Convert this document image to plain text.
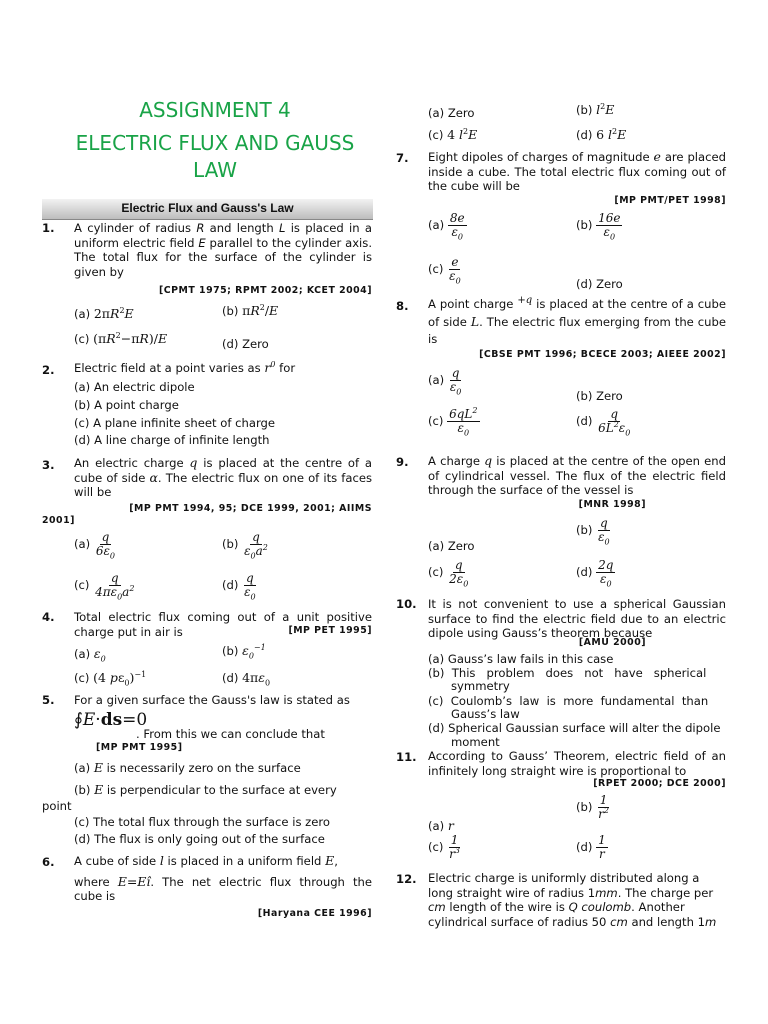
ASSIGNMENT 4
ELECTRIC FLUX AND GAUSS
LAW
Electric Flux and Gauss's Law
1. A cylinder of radius R and length L is placed in a uniform electric field E parallel to the cylinder axis. The total flux for the surface of the cylinder is given by
[CPMT 1975; RPMT 2002; KCET 2004]
(a) $2\pi R^2E$	(b) $\pi R^2/E$
(c) $(\pi R^2-\pi R)/E$	(d) Zero
2. Electric field at a point varies as $r^0$ for
(a) An electric dipole
(b) A point charge
(c) A plane infinite sheet of charge
(d) A line charge of infinite length
3. An electric charge q is placed at the centre of a cube of side α. The electric flux on one of its faces will be
[MP PMT 1994, 95; DCE 1999, 2001; AIIMS
2001]
$(a) \frac{q}{6\varepsilon_0}$	$(b) \frac{q}{\varepsilon_0a^2}$
$(c) \frac{q}{4\pi\varepsilon_0a^2}$	$(d) \frac{q}{\varepsilon_0}$
4. Total electric flux coming out of a unit positive charge put in air is	[MP PET 1995]
(a) $\varepsilon_0$
(b) $\varepsilon_0^{-1}$
(c) (4 $p\varepsilon_0)^{-1}$	(d) $4\pi\varepsilon_0$
5. For a given surface the Gauss's law is stated as
∮E·ds=0
. From this we can conclude that
[MP PMT 1995]
(a) E is necessarily zero on the surface
(b) E is perpendicular to the surface at every
point
(c) The total flux through the surface is zero
(d) The flux is only going out of the surface
6. A cube of side l is placed in a uniform field E,
where E=Eî. The net electric flux through the cube is
[Haryana CEE 1996]
(a) Zero	(b) $l^2E$
(c) 4 $l^2E$	(d) 6 $l^2E$
7. Eight dipoles of charges of magnitude e are placed inside a cube. The total electric flux coming out of the cube will be
[MP PMT/PET 1998]
$(a) \frac{8e}{\varepsilon_0}$	$(b) \frac{16e}{\varepsilon_0}$
$(c) \frac{e}{\varepsilon_0}$
(d) Zero
8. A point charge $^{+q}$ is placed at the centre of a cube of side L. The electric flux emerging from the cube is
[CBSE PMT 1996; BCECE 2003; AIEEE 2002]
$(a) \frac{q}{\varepsilon_0}$
(b) Zero
$(c) \frac{6qL^2}{\varepsilon_0}$	$(d) \frac{q}{6L^2\varepsilon_0}$
9. A charge q is placed at the centre of the open end of cylindrical vessel. The flux of the electric field through the surface of the vessel is
[MNR 1998]
(a) Zero
$(b) \frac{q}{\varepsilon_0}$
$(c) \frac{q}{2\varepsilon_0}$	$(d) \frac{2q}{\varepsilon_0}$
10. It is not convenient to use a spherical Gaussian surface to find the electric field due to an electric dipole using Gauss’s theorem because
[AMU 2000]
(a) Gauss’s law fails in this case
(b)  This   problem   does   not   have   spherical
symmetry
(c)  Coulomb’s  law  is  more  fundamental  than
Gauss’s law
(d) Spherical Gaussian surface will alter the dipole
moment
11. According to Gauss’ Theorem, electric field of an infinitely long straight wire is proportional to
[RPET 2000; DCE 2000]
(a) r
$(b) \frac{1}{r^2}$
$(c) \frac{1}{r^3}$	$(d) \frac{1}{r}$
12. Electric charge is uniformly distributed along a
long straight wire of radius 1mm. The charge per
cm length of the wire is Q coulomb. Another
cylindrical surface of radius 50 cm and length 1m
